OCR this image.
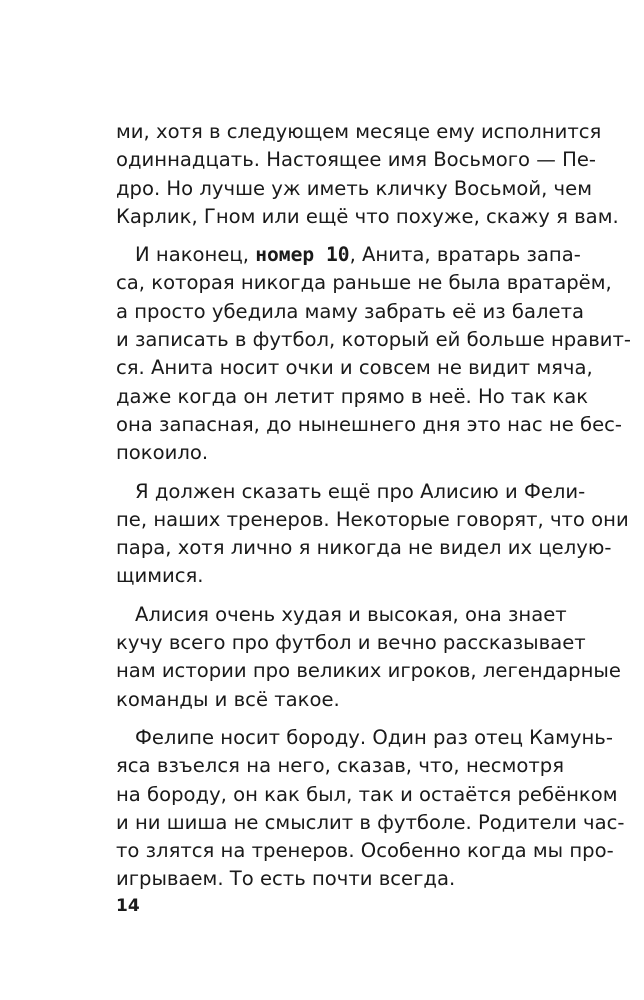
ми, хотя в следующем месяце ему исполнится
одиннадцать. Настоящее имя Восьмого — Пе-
дро. Но лучше уж иметь кличку Восьмой, чем
Карлик, Гном или ещё что похуже, скажу я вам.

И наконец, номер 10, Анита, вратарь запа-
са, которая никогда раньше не была вратарём,
а просто убедила маму забрать её из балета
и записать в футбол, который ей больше нравит-
ся. Анита носит очки и совсем не видит мяча,
даже когда он летит прямо в неё. Но так как
она запасная, до нынешнего дня это нас не бес-
покоило.

Я должен сказать ещё про Алисию и Фели-
пе, наших тренеров. Некоторые говорят, что они
пара, хотя лично я никогда не видел их целую-
щимися.

Алисия очень худая и высокая, она знает
кучу всего про футбол и вечно рассказывает
нам истории про великих игроков, легендарные
команды и всё такое.

Фелипе носит бороду. Один раз отец Камунь-
яса взъелся на него, сказав, что, несмотря
на бороду, он как был, так и остаётся ребёнком
и ни шиша не смыслит в футболе. Родители час-
то злятся на тренеров. Особенно когда мы про-
игрываем. То есть почти всегда.

14
